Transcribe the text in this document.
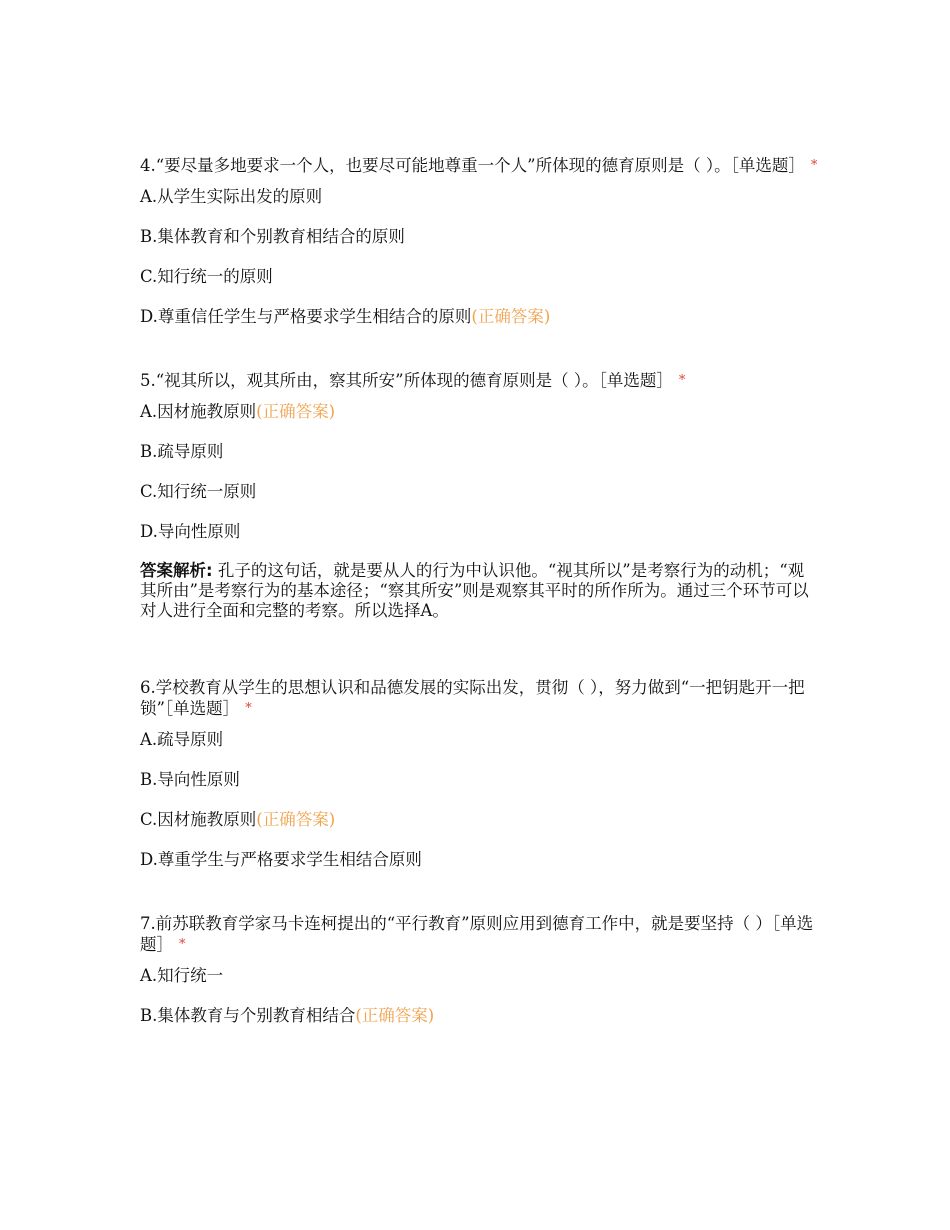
4.“要尽量多地要求一个人，也要尽可能地尊重一个人”所体现的德育原则是（ ）。［单选题］ *

A.从学生实际出发的原则

B.集体教育和个别教育相结合的原则

C.知行统一的原则

D.尊重信任学生与严格要求学生相结合的原则(正确答案)

5.“视其所以，观其所由，察其所安”所体现的德育原则是（ ）。［单选题］ *

A.因材施教原则(正确答案)

B.疏导原则

C.知行统一原则

D.导向性原则

答案解析: 孔子的这句话，就是要从人的行为中认识他。“视其所以”是考察行为的动机；“观其所由”是考察行为的基本途径；“察其所安”则是观察其平时的所作所为。通过三个环节可以对人进行全面和完整的考察。所以选择A。

6.学校教育从学生的思想认识和品德发展的实际出发，贯彻（ ），努力做到“一把钥匙开一把锁”［单选题］ *

A.疏导原则

B.导向性原则

C.因材施教原则(正确答案)

D.尊重学生与严格要求学生相结合原则

7.前苏联教育学家马卡连柯提出的“平行教育”原则应用到德育工作中，就是要坚持（ ）［单选题］ *

A.知行统一

B.集体教育与个别教育相结合(正确答案)
